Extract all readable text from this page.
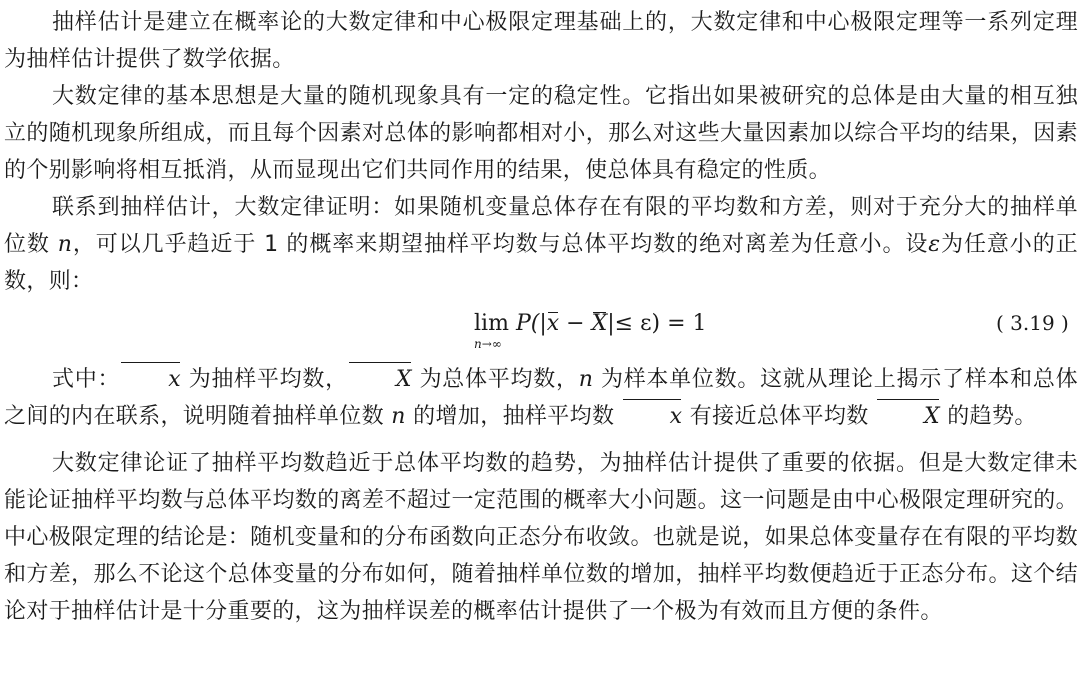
抽样估计是建立在概率论的大数定律和中心极限定理基础上的，大数定律和中心极限定理等一系列定理为抽样估计提供了数学依据。

大数定律的基本思想是大量的随机现象具有一定的稳定性。它指出如果被研究的总体是由大量的相互独立的随机现象所组成，而且每个因素对总体的影响都相对小，那么对这些大量因素加以综合平均的结果，因素的个别影响将相互抵消，从而显现出它们共同作用的结果，使总体具有稳定的性质。

联系到抽样估计，大数定律证明：如果随机变量总体存在有限的平均数和方差，则对于充分大的抽样单位数 n，可以几乎趋近于 1 的概率来期望抽样平均数与总体平均数的绝对离差为任意小。设ε为任意小的正数，则：

lim
n→∞
P(|x − X|≤ ε) = 1	( 3.19 )

式中： x 为抽样平均数， X 为总体平均数，n 为样本单位数。这就从理论上揭示了样本和总体之间的内在联系，说明随着抽样单位数 n 的增加，抽样平均数 x 有接近总体平均数 X 的趋势。

大数定律论证了抽样平均数趋近于总体平均数的趋势，为抽样估计提供了重要的依据。但是大数定律未能论证抽样平均数与总体平均数的离差不超过一定范围的概率大小问题。这一问题是由中心极限定理研究的。中心极限定理的结论是：随机变量和的分布函数向正态分布收敛。也就是说，如果总体变量存在有限的平均数和方差，那么不论这个总体变量的分布如何，随着抽样单位数的增加，抽样平均数便趋近于正态分布。这个结论对于抽样估计是十分重要的，这为抽样误差的概率估计提供了一个极为有效而且方便的条件。
